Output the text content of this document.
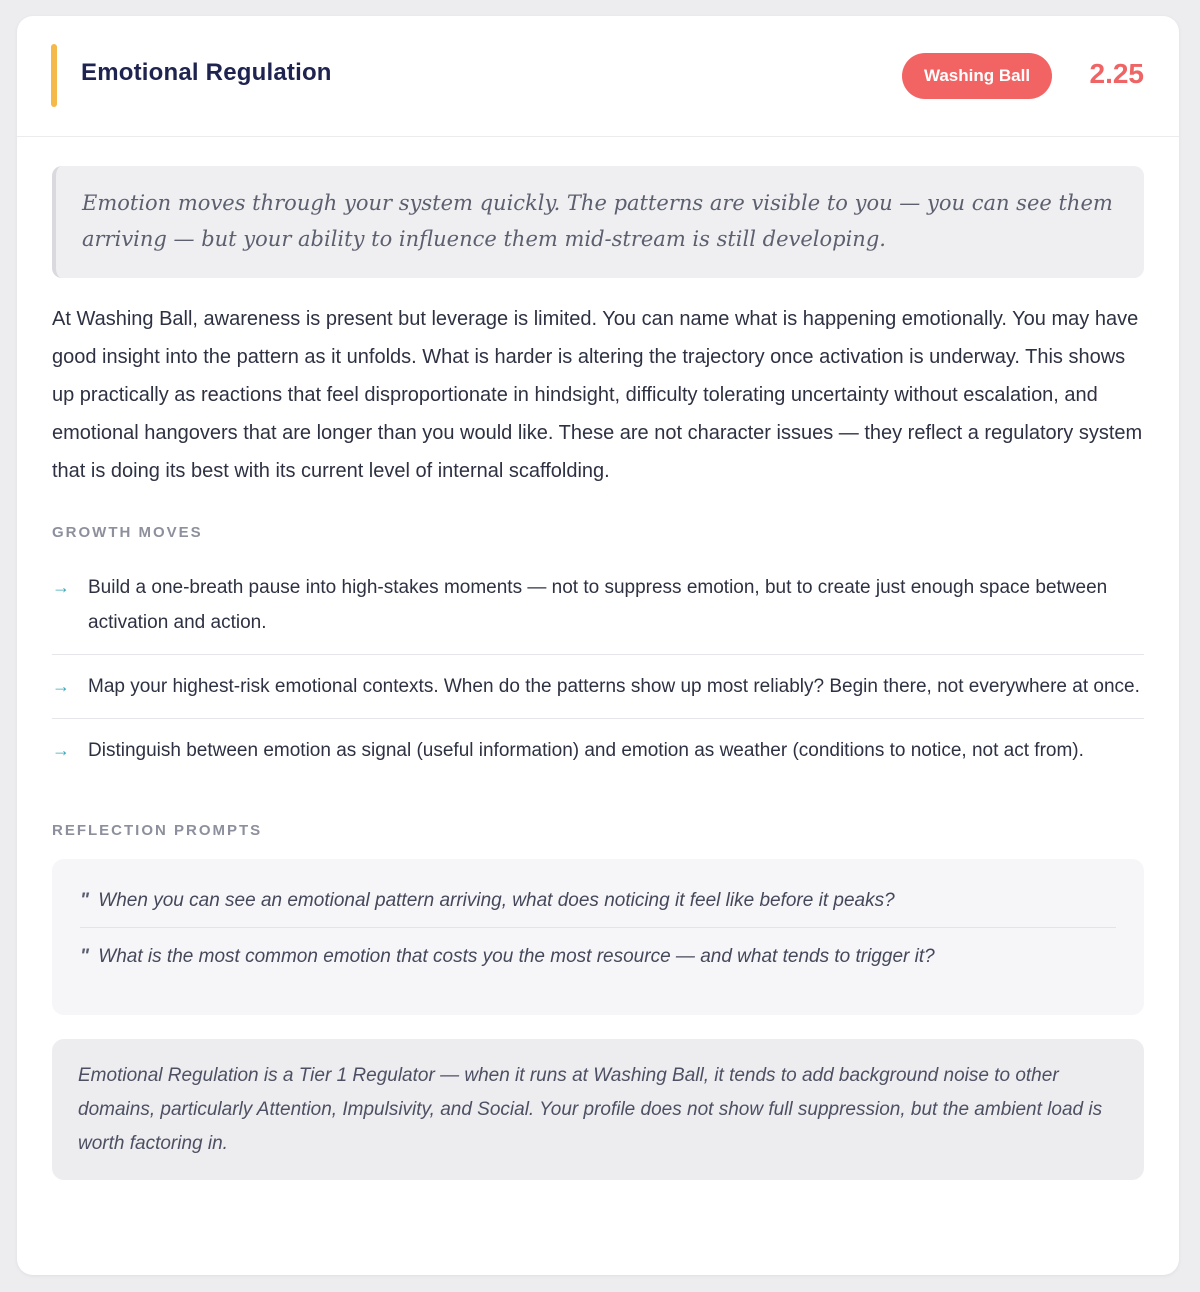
Emotional Regulation	Washing Ball	2.25
Emotion moves through your system quickly. The patterns are visible to you — you can see them arriving — but your ability to influence them mid-stream is still developing.

At Washing Ball, awareness is present but leverage is limited. You can name what is happening emotionally. You may have good insight into the pattern as it unfolds. What is harder is altering the trajectory once activation is underway. This shows up practically as reactions that feel disproportionate in hindsight, difficulty tolerating uncertainty without escalation, and emotional hangovers that are longer than you would like. These are not character issues — they reflect a regulatory system that is doing its best with its current level of internal scaffolding.

GROWTH MOVES
→ Build a one-breath pause into high-stakes moments — not to suppress emotion, but to create just enough space between activation and action.
→ Map your highest-risk emotional contexts. When do the patterns show up most reliably? Begin there, not everywhere at once.
→ Distinguish between emotion as signal (useful information) and emotion as weather (conditions to notice, not act from).
REFLECTION PROMPTS
" When you can see an emotional pattern arriving, what does noticing it feel like before it peaks?
" What is the most common emotion that costs you the most resource — and what tends to trigger it?
Emotional Regulation is a Tier 1 Regulator — when it runs at Washing Ball, it tends to add background noise to other domains, particularly Attention, Impulsivity, and Social. Your profile does not show full suppression, but the ambient load is worth factoring in.
